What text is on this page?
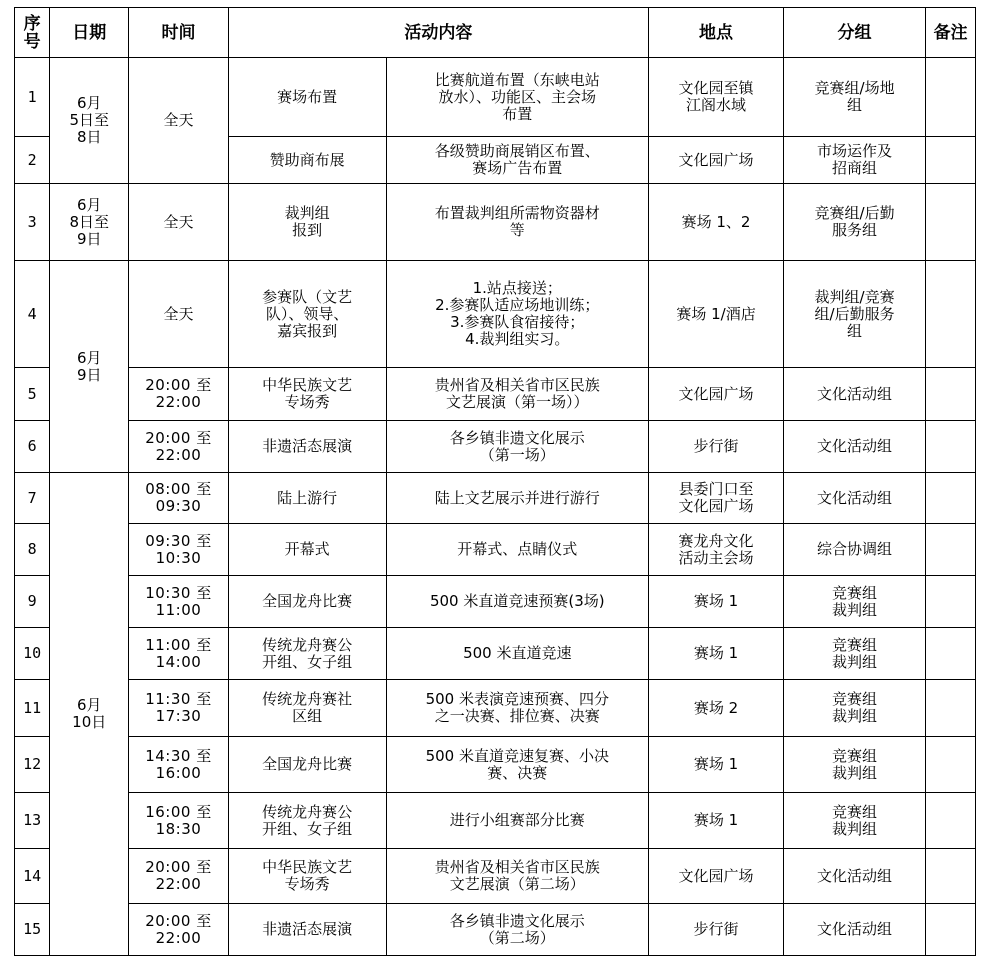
序
号	日期	时间	活动内容		地点	分组	备注
1	6月
5日至
8日	全天	赛场布置	比赛航道布置（东峡电站
放水）、功能区、主会场
布置	文化园至镇
江阁水域	竞赛组/场地
组	
2			赞助商布展	各级赞助商展销区布置、
赛场广告布置	文化园广场	市场运作及
招商组	
3	6月
8日至
9日	全天	裁判组
报到	布置裁判组所需物资器材
等	赛场 1、2	竞赛组/后勤
服务组	
4	6月
9日	全天	参赛队（文艺
队）、领导、
嘉宾报到	1.站点接送；
2.参赛队适应场地训练；
3.参赛队食宿接待；
4.裁判组实习。	赛场 1/酒店	裁判组/竞赛
组/后勤服务
组	
5		20:00 至
22:00	中华民族文艺
专场秀	贵州省及相关省市区民族
文艺展演（第一场））	文化园广场	文化活动组	
6		20:00 至
22:00	非遗活态展演	各乡镇非遗文化展示
（第一场）	步行街	文化活动组	
7	6月
10日	08:00 至
09:30	陆上游行	陆上文艺展示并进行游行	县委门口至
文化园广场	文化活动组	
8		09:30 至
10:30	开幕式	开幕式、点睛仪式	赛龙舟文化
活动主会场	综合协调组	
9		10:30 至
11:00	全国龙舟比赛	500 米直道竞速预赛(3场)	赛场 1	竞赛组
裁判组	
10		11:00 至
14:00	传统龙舟赛公
开组、女子组	500 米直道竞速	赛场 1	竞赛组
裁判组	
11		11:30 至
17:30	传统龙舟赛社
区组	500 米表演竞速预赛、四分
之一决赛、排位赛、决赛	赛场 2	竞赛组
裁判组	
12		14:30 至
16:00	全国龙舟比赛	500 米直道竞速复赛、小决
赛、决赛	赛场 1	竞赛组
裁判组	
13		16:00 至
18:30	传统龙舟赛公
开组、女子组	进行小组赛部分比赛	赛场 1	竞赛组
裁判组	
14		20:00 至
22:00	中华民族文艺
专场秀	贵州省及相关省市区民族
文艺展演（第二场）	文化园广场	文化活动组	
15		20:00 至
22:00	非遗活态展演	各乡镇非遗文化展示
（第二场）	步行街	文化活动组	
